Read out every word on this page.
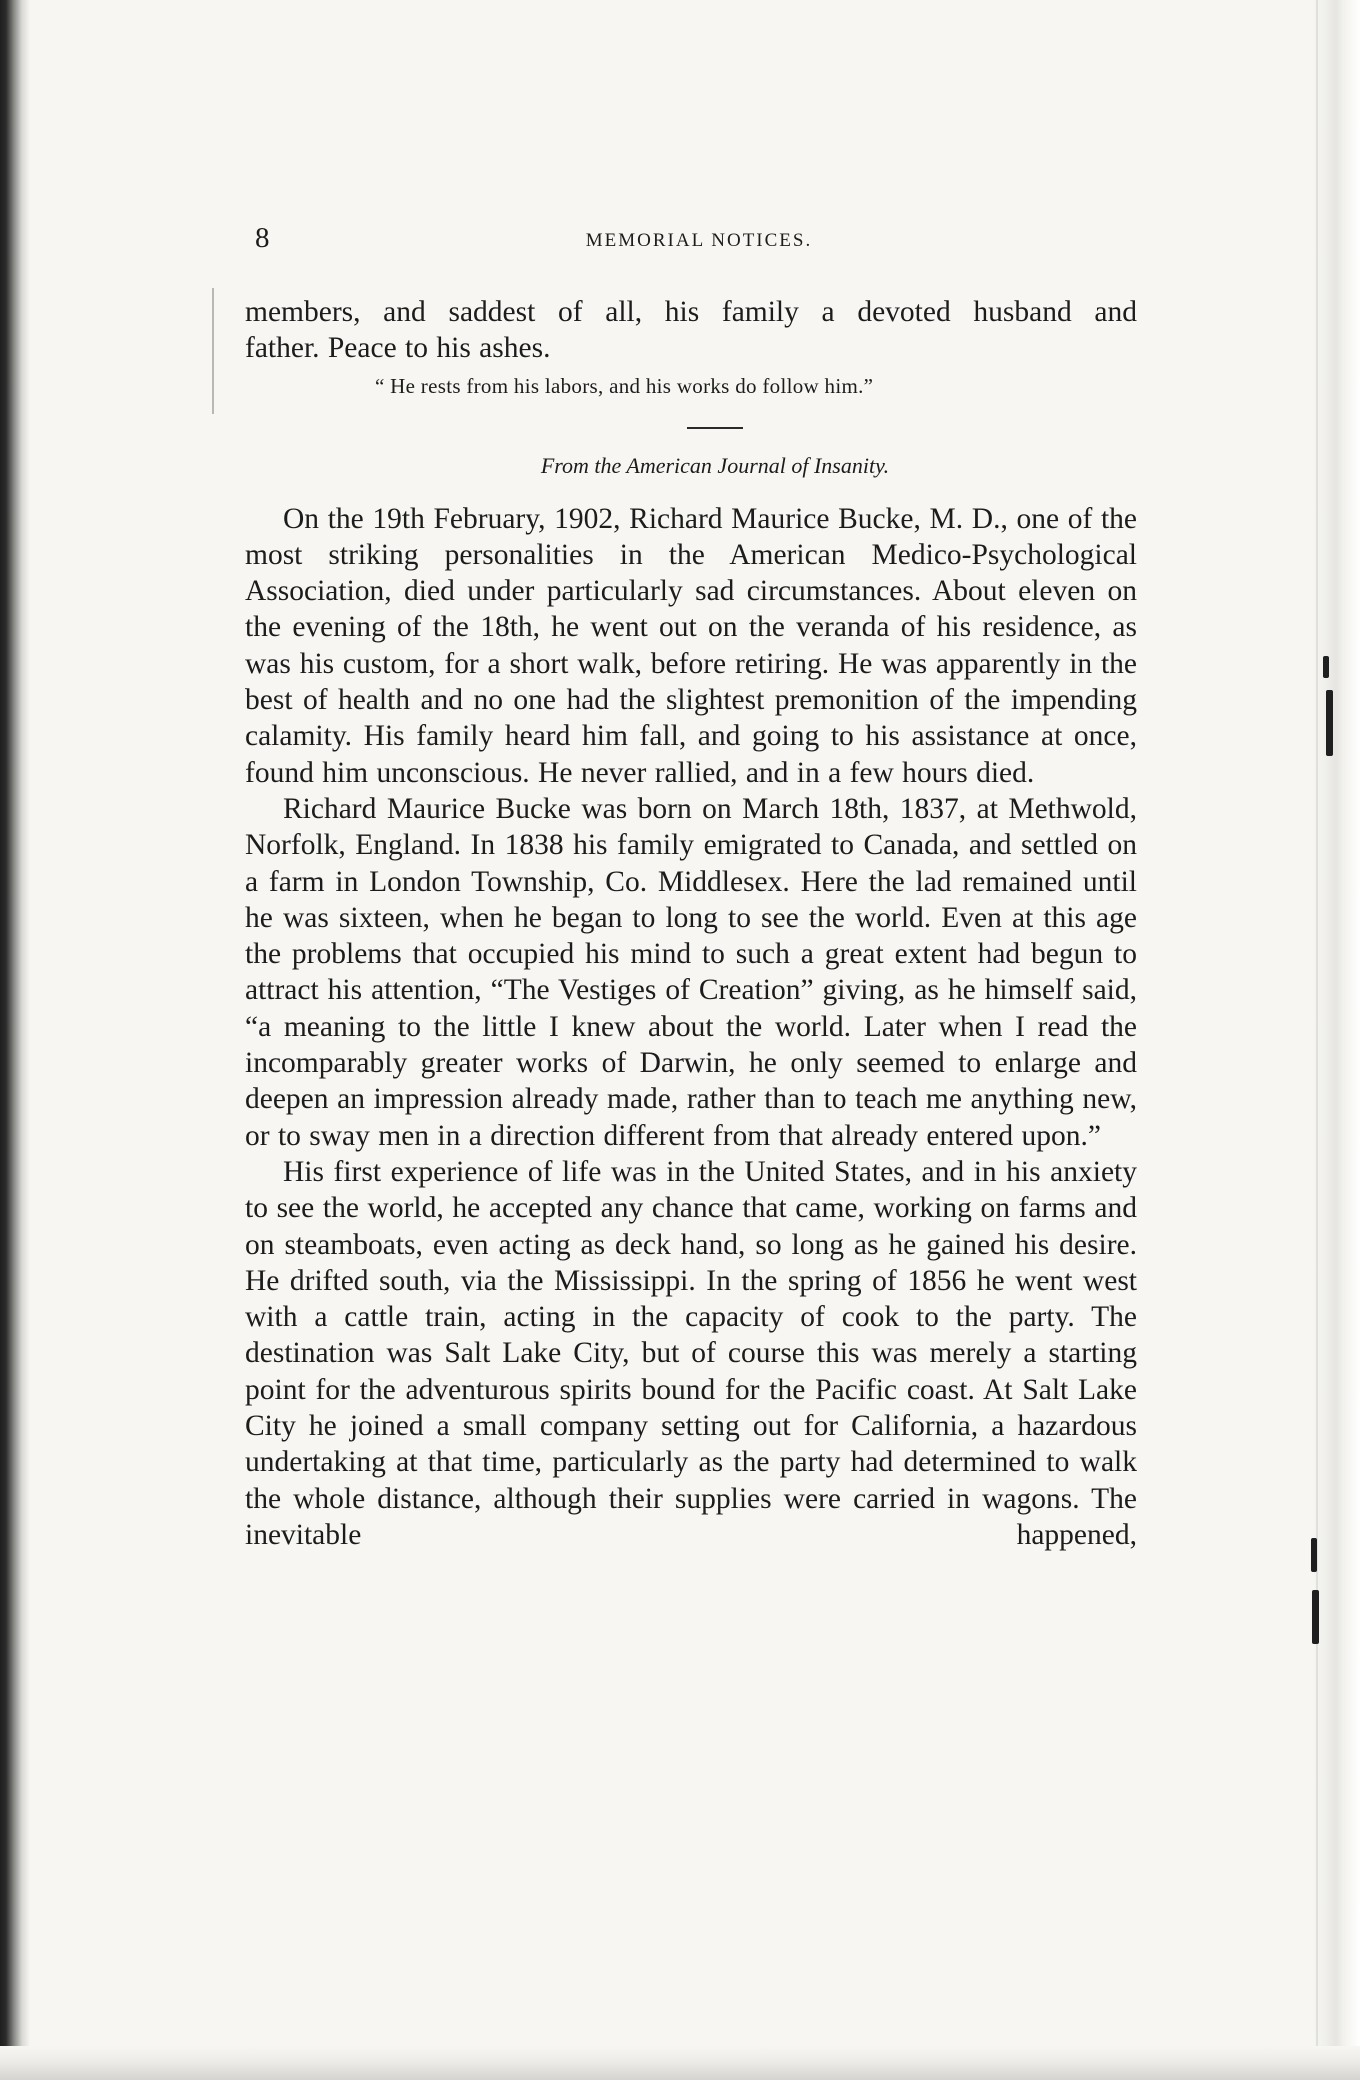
8	MEMORIAL NOTICES.

members, and saddest of all, his family a devoted husband and

father. Peace to his ashes.

“ He rests from his labors, and his works do follow him.”

From the American Journal of Insanity.

On the 19th February, 1902, Richard Maurice Bucke, M. D., one of the most striking personalities in the American Medico-Psychological Association, died under particularly sad circumstances. About eleven on the evening of the 18th, he went out on the veranda of his residence, as was his custom, for a short walk, before retiring. He was apparently in the best of health and no one had the slightest premonition of the impending calamity. His family heard him fall, and going to his assistance at once, found him unconscious. He never rallied, and in a few hours died.

Richard Maurice Bucke was born on March 18th, 1837, at Methwold, Norfolk, England. In 1838 his family emigrated to Canada, and settled on a farm in London Township, Co. Middlesex. Here the lad remained until he was sixteen, when he began to long to see the world. Even at this age the problems that occupied his mind to such a great extent had begun to attract his attention, “The Vestiges of Creation” giving, as he himself said, “a meaning to the little I knew about the world. Later when I read the incomparably greater works of Darwin, he only seemed to enlarge and deepen an impression already made, rather than to teach me anything new, or to sway men in a direction different from that already entered upon.”

His first experience of life was in the United States, and in his anxiety to see the world, he accepted any chance that came, working on farms and on steamboats, even acting as deck hand, so long as he gained his desire. He drifted south, via the Mississippi. In the spring of 1856 he went west with a cattle train, acting in the capacity of cook to the party. The destination was Salt Lake City, but of course this was merely a starting point for the adventurous spirits bound for the Pacific coast. At Salt Lake City he joined a small company setting out for California, a hazardous undertaking at that time, particularly as the party had determined to walk the whole distance, although their supplies were carried in wagons. The inevitable happened,
